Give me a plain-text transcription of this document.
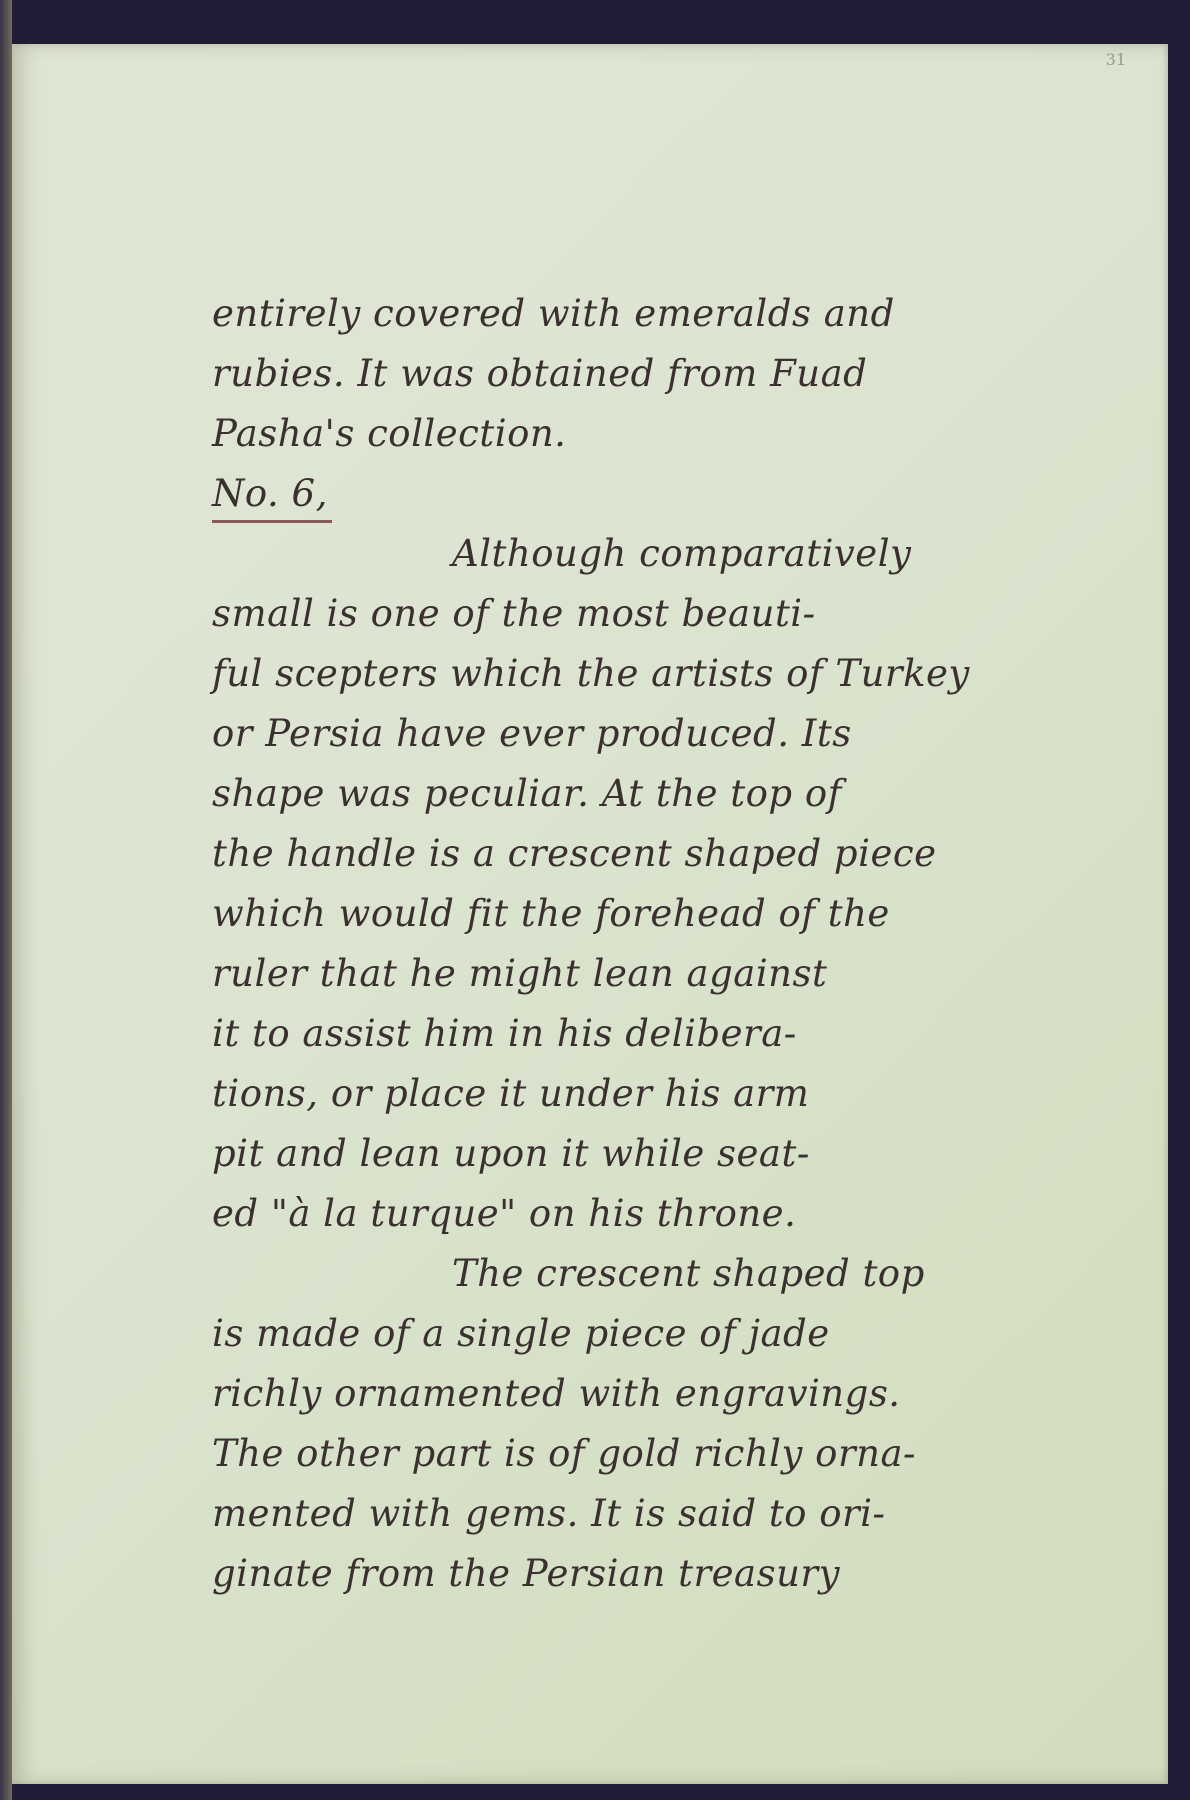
31
entirely covered with emeralds and
rubies. It was obtained from Fuad
Pasha's collection.
No. 6,
Although comparatively
small is one of the most beauti-
ful scepters which the artists of Turkey
or Persia have ever produced. Its
shape was peculiar. At the top of
the handle is a crescent shaped piece
which would fit the forehead of the
ruler that he might lean against
it to assist him in his delibera-
tions, or place it under his arm
pit and lean upon it while seat-
ed "à la turque" on his throne.
The crescent shaped top
is made of a single piece of jade
richly ornamented with engravings.
The other part is of gold richly orna-
mented with gems. It is said to ori-
ginate from the Persian treasury
